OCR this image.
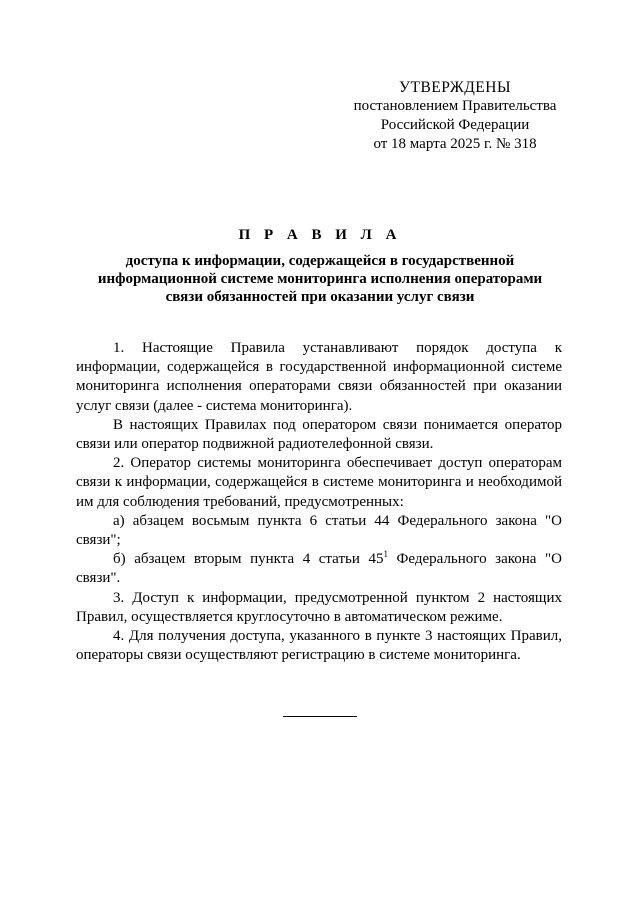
УТВЕРЖДЕНЫ
постановлением Правительства
Российской Федерации
от 18 марта 2025 г. № 318
П Р А В И Л А
доступа к информации, содержащейся в государственной
информационной системе мониторинга исполнения операторами
связи обязанностей при оказании услуг связи

1. Настоящие Правила устанавливают порядок доступа к информации, содержащейся в государственной информационной системе мониторинга исполнения операторами связи обязанностей при оказании услуг связи (далее - система мониторинга).

В настоящих Правилах под оператором связи понимается оператор связи или оператор подвижной радиотелефонной связи.

2. Оператор системы мониторинга обеспечивает доступ операторам связи к информации, содержащейся в системе мониторинга и необходимой им для соблюдения требований, предусмотренных:

а) абзацем восьмым пункта 6 статьи 44 Федерального закона "О связи";

б) абзацем вторым пункта 4 статьи $45^1$ Федерального закона "О связи".

3. Доступ к информации, предусмотренной пунктом 2 настоящих Правил, осуществляется круглосуточно в автоматическом режиме.

4. Для получения доступа, указанного в пункте 3 настоящих Правил, операторы связи осуществляют регистрацию в системе мониторинга.
